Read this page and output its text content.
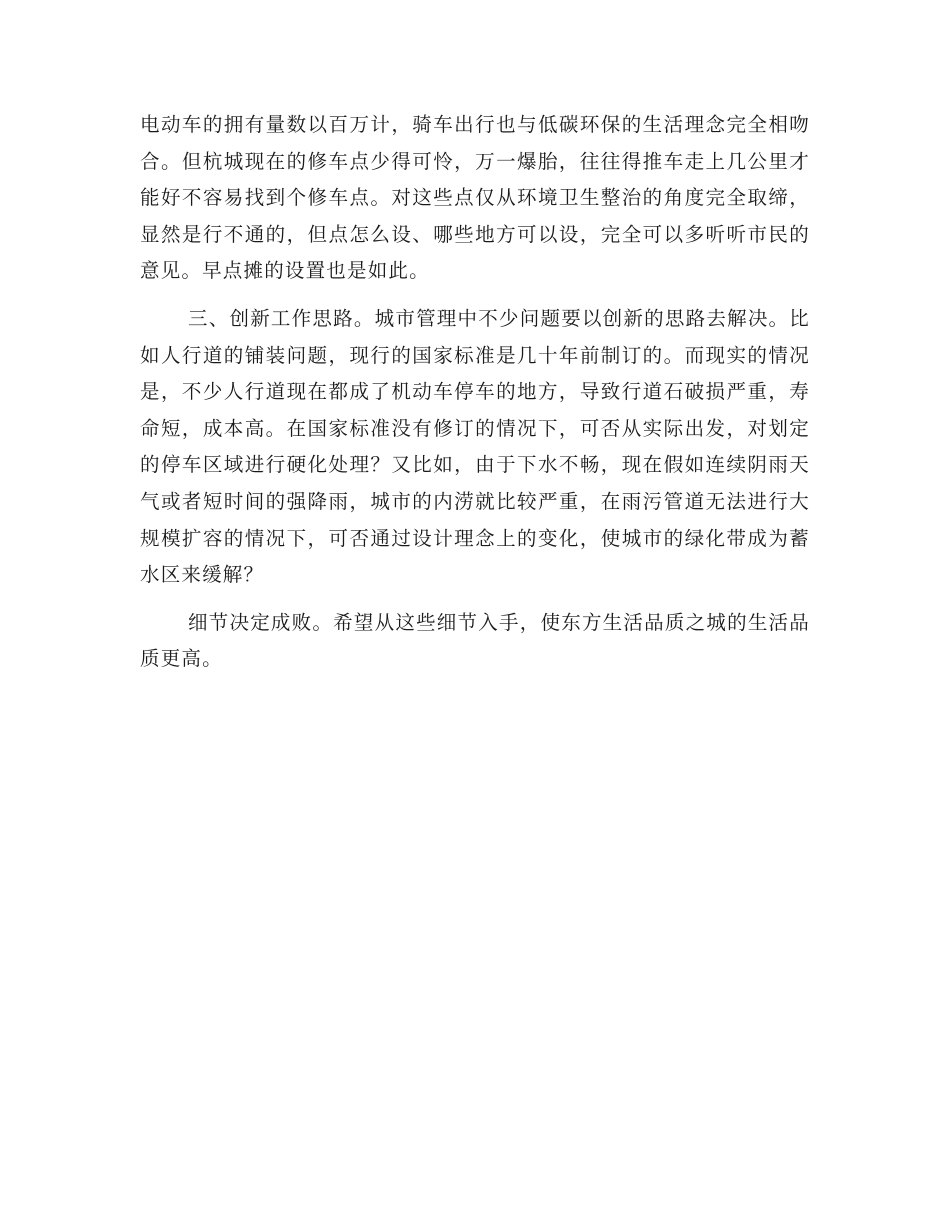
电动车的拥有量数以百万计，骑车出行也与低碳环保的生活理念完全相吻合。但杭城现在的修车点少得可怜，万一爆胎，往往得推车走上几公里才能好不容易找到个修车点。对这些点仅从环境卫生整治的角度完全取缔，显然是行不通的，但点怎么设、哪些地方可以设，完全可以多听听市民的意见。早点摊的设置也是如此。

三、创新工作思路。城市管理中不少问题要以创新的思路去解决。比如人行道的铺装问题，现行的国家标准是几十年前制订的。而现实的情况是，不少人行道现在都成了机动车停车的地方，导致行道石破损严重，寿命短，成本高。在国家标准没有修订的情况下，可否从实际出发，对划定的停车区域进行硬化处理？又比如，由于下水不畅，现在假如连续阴雨天气或者短时间的强降雨，城市的内涝就比较严重，在雨污管道无法进行大规模扩容的情况下，可否通过设计理念上的变化，使城市的绿化带成为蓄水区来缓解？

细节决定成败。希望从这些细节入手，使东方生活品质之城的生活品质更高。
